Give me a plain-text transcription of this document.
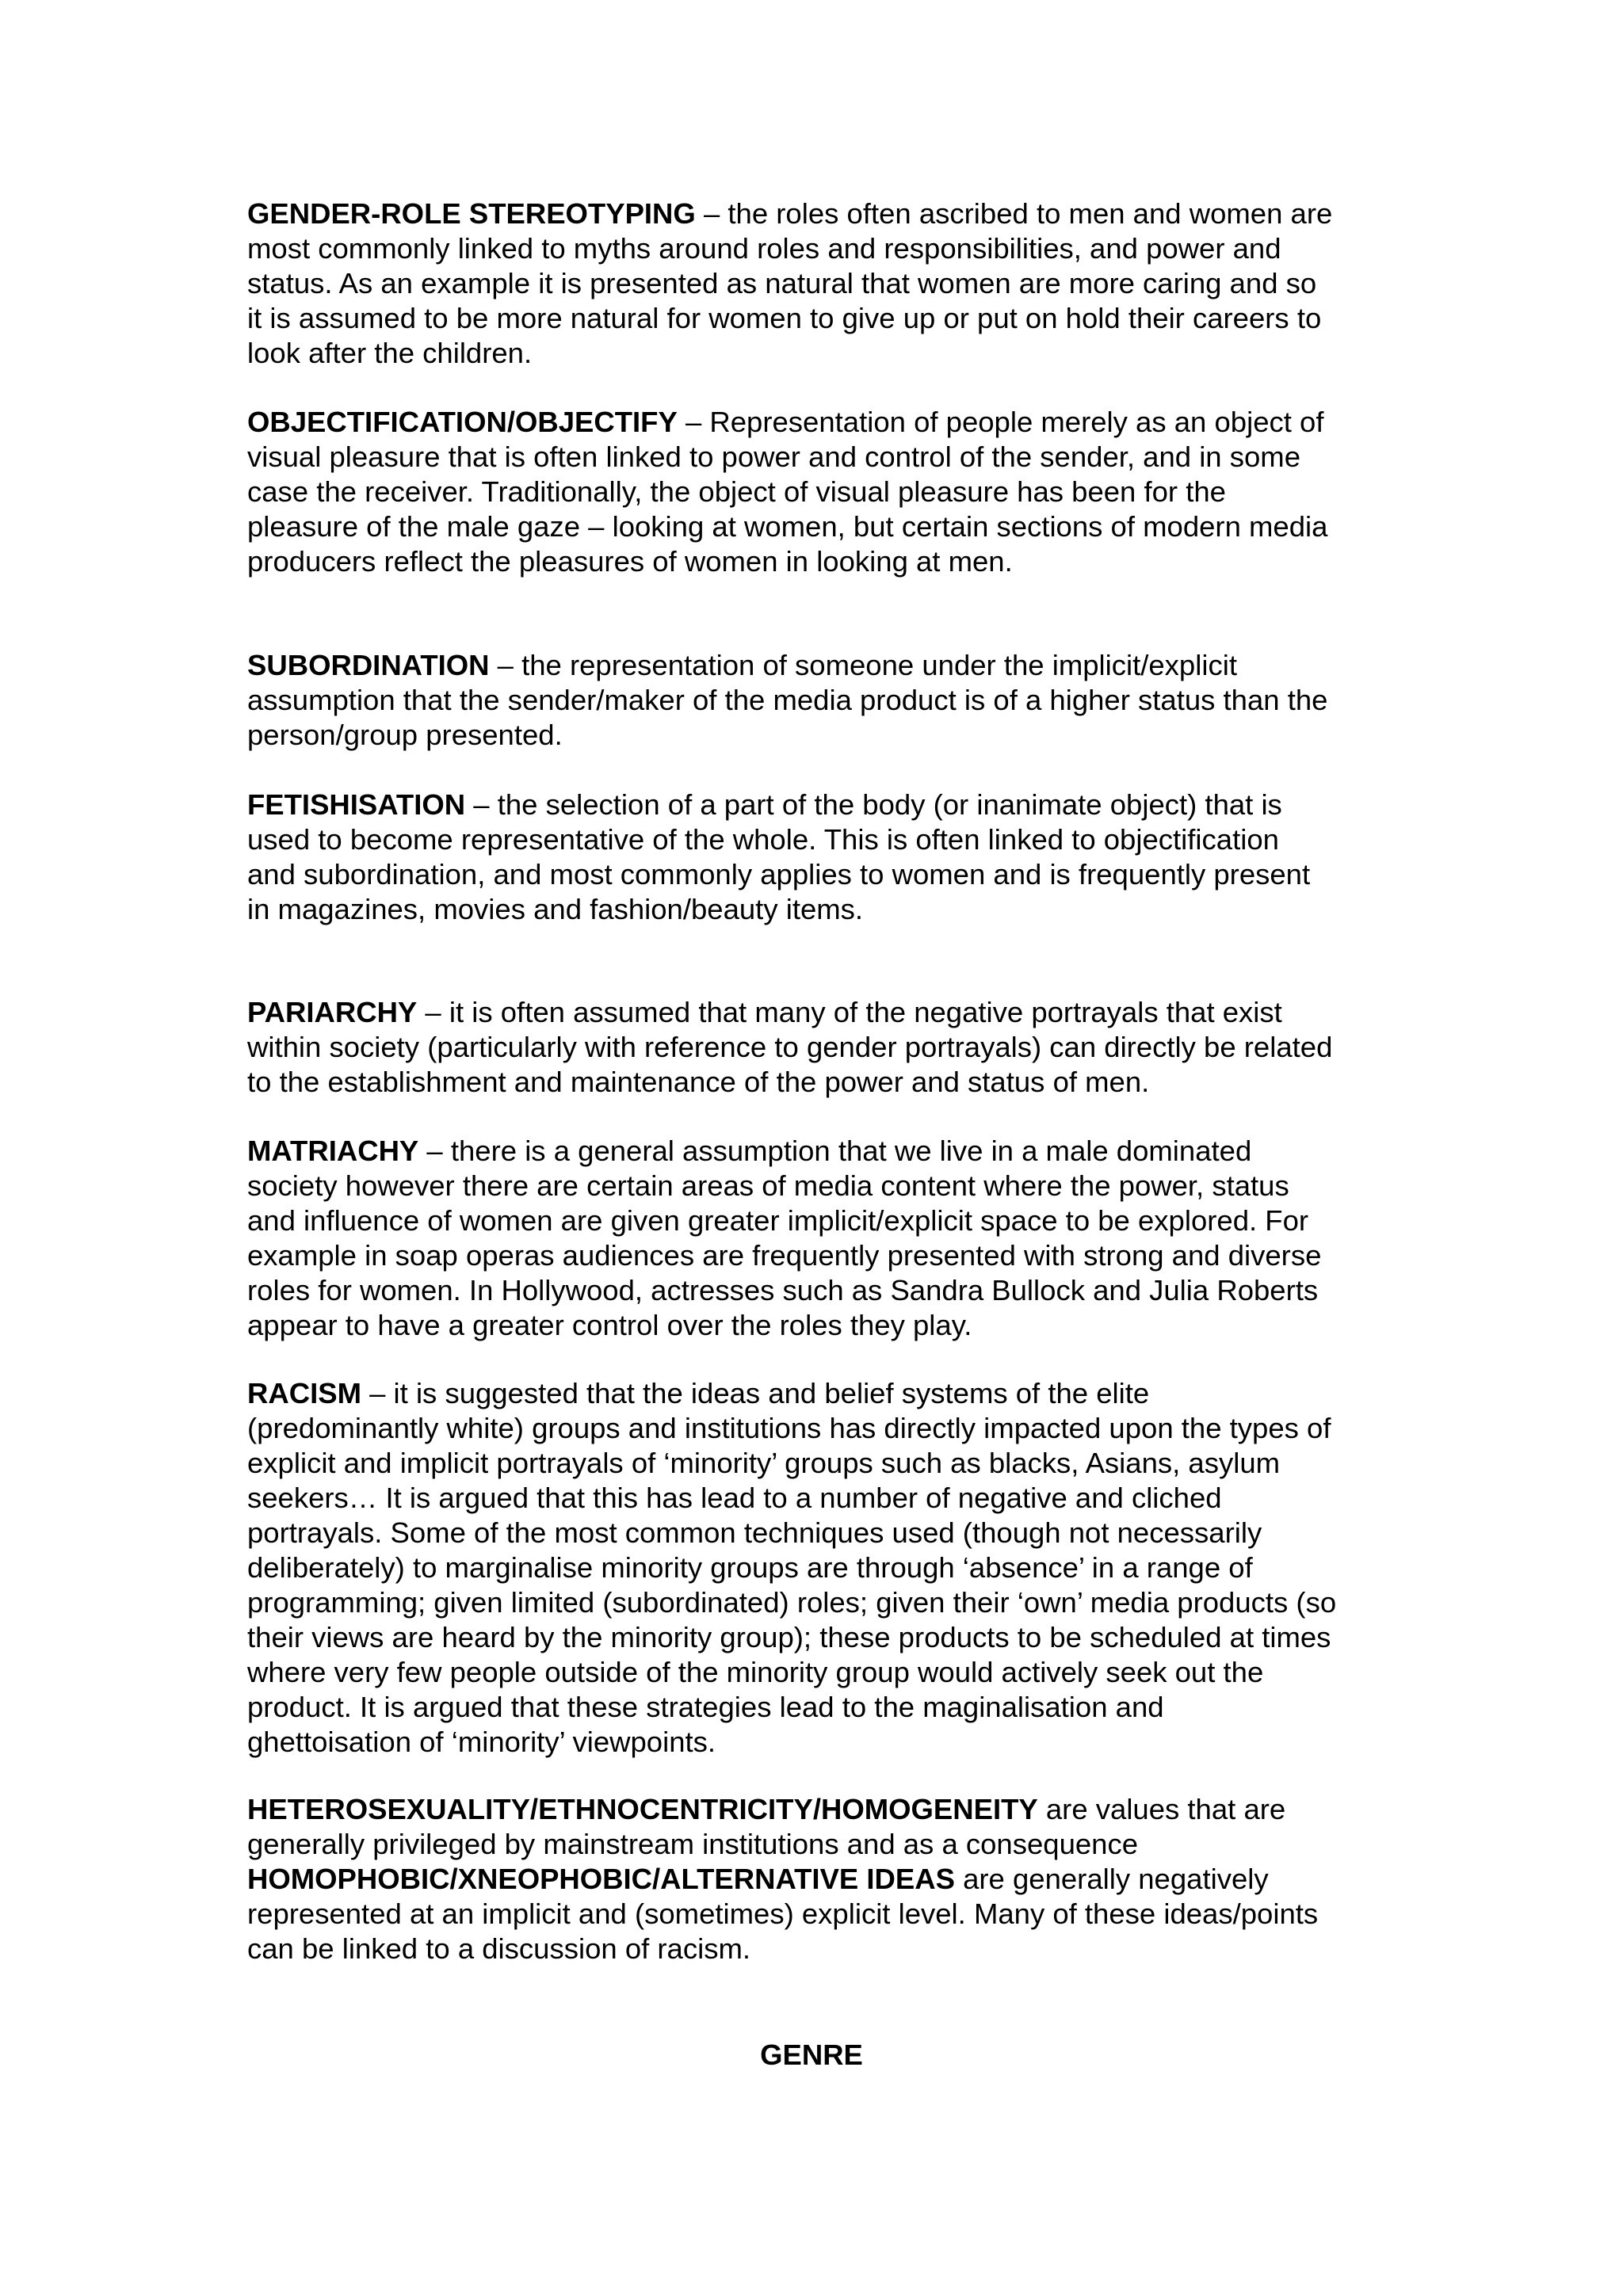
GENDER-ROLE STEREOTYPING – the roles often ascribed to men and women are
most commonly linked to myths around roles and responsibilities, and power and
status. As an example it is presented as natural that women are more caring and so
it is assumed to be more natural for women to give up or put on hold their careers to
look after the children.

OBJECTIFICATION/OBJECTIFY – Representation of people merely as an object of
visual pleasure that is often linked to power and control of the sender, and in some
case the receiver. Traditionally, the object of visual pleasure has been for the
pleasure of the male gaze – looking at women, but certain sections of modern media
producers reflect the pleasures of women in looking at men.

SUBORDINATION – the representation of someone under the implicit/explicit
assumption that the sender/maker of the media product is of a higher status than the
person/group presented.

FETISHISATION – the selection of a part of the body (or inanimate object) that is
used to become representative of the whole. This is often linked to objectification
and subordination, and most commonly applies to women and is frequently present
in magazines, movies and fashion/beauty items.

PARIARCHY – it is often assumed that many of the negative portrayals that exist
within society (particularly with reference to gender portrayals) can directly be related
to the establishment and maintenance of the power and status of men.

MATRIACHY – there is a general assumption that we live in a male dominated
society however there are certain areas of media content where the power, status
and influence of women are given greater implicit/explicit space to be explored. For
example in soap operas audiences are frequently presented with strong and diverse
roles for women. In Hollywood, actresses such as Sandra Bullock and Julia Roberts
appear to have a greater control over the roles they play.

RACISM – it is suggested that the ideas and belief systems of the elite
(predominantly white) groups and institutions has directly impacted upon the types of
explicit and implicit portrayals of ‘minority’ groups such as blacks, Asians, asylum
seekers… It is argued that this has lead to a number of negative and cliched
portrayals. Some of the most common techniques used (though not necessarily
deliberately) to marginalise minority groups are through ‘absence’ in a range of
programming; given limited (subordinated) roles; given their ‘own’ media products (so
their views are heard by the minority group); these products to be scheduled at times
where very few people outside of the minority group would actively seek out the
product. It is argued that these strategies lead to the maginalisation and
ghettoisation of ‘minority’ viewpoints.

HETEROSEXUALITY/ETHNOCENTRICITY/HOMOGENEITY are values that are
generally privileged by mainstream institutions and as a consequence
HOMOPHOBIC/XNEOPHOBIC/ALTERNATIVE IDEAS are generally negatively
represented at an implicit and (sometimes) explicit level. Many of these ideas/points
can be linked to a discussion of racism.

GENRE
